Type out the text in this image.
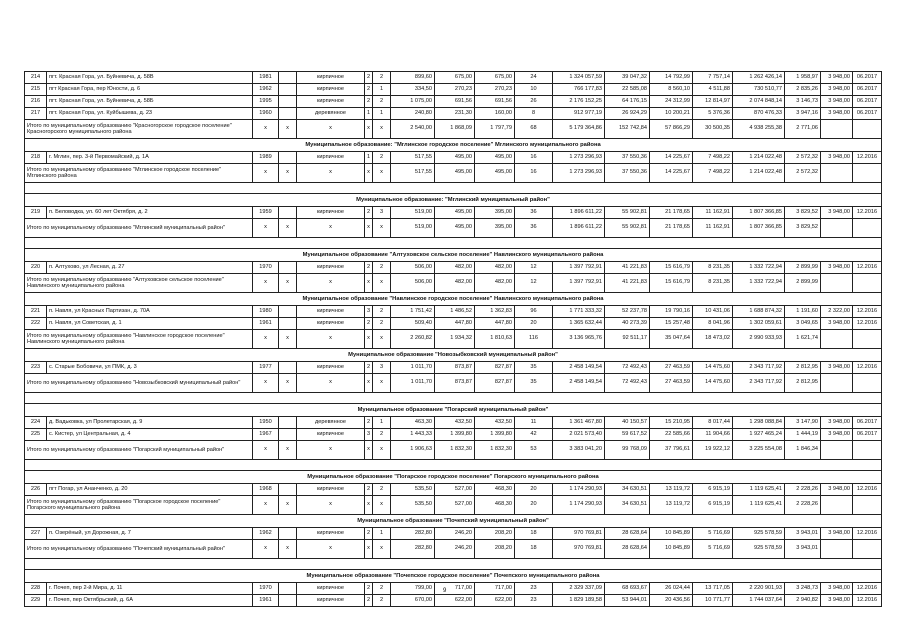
214	пгт. Красная Гора, ул. Буйневича, д. 58В	1981		кирпичное	2	2	899,60	675,00	675,00	24	1 324 057,59	39 047,32	14 792,99	7 757,14	1 262 426,14	1 958,97	3 948,00	06.2017
215	пгт Красная Гора, пер Юности, д. 6	1962		кирпичное	2	1	334,50	270,23	270,23	10	766 177,83	22 585,08	8 560,10	4 511,88	730 510,77	2 835,26	3 948,00	06.2017
216	пгт. Красная Гора, ул. Буйневича, д. 58Б	1995		кирпичное	2	2	1 075,00	691,56	691,56	26	2 176 152,25	64 176,15	24 312,99	12 814,97	2 074 848,14	3 146,73	3 948,00	06.2017
217	пгт. Красная Гора, ул. Куйбышева, д. 23	1960		деревянное	1	1	240,80	231,30	160,00	8	912 977,19	26 924,29	10 200,21	5 376,36	870 476,33	3 947,16	3 948,00	06.2017
Итого по муниципальному образованию "Красногорское городское поселение" Красногорского муниципального района		х	х	х	х	х	2 540,00	1 868,09	1 797,79	68	5 179 364,86	152 742,84	57 866,29	30 500,35	4 938 255,38	2 771,06		
Муниципальное образование: "Мглинское городское поселение" Мглинского муниципального района																		
218	г. Мглин, пер. 3-й Первомайский, д. 1А	1989		кирпичное	1	2	517,55	495,00	495,00	16	1 273 296,93	37 550,36	14 225,67	7 498,22	1 214 022,48	2 572,32	3 948,00	12.2016
Итого по муниципальному образованию "Мглинское городское поселение" Мглинского района		х	х	х	х	х	517,55	495,00	495,00	16	1 273 296,93	37 550,36	14 225,67	7 498,22	1 214 022,48	2 572,32		

Муниципальное образование: "Мглинский муниципальный район"																		
219	п. Беловодка, ул. 60 лет Октября, д. 2	1959		кирпичное	2	3	519,00	495,00	395,00	36	1 896 611,22	55 902,81	21 178,65	11 162,91	1 807 366,85	3 829,52	3 948,00	12.2016
Итого по муниципальному образованию "Мглинский муниципальный район"		х	х	х	х	х	519,00	495,00	395,00	36	1 896 611,22	55 902,81	21 178,65	11 162,91	1 807 366,85	3 829,52		

Муниципальное образование "Алтуховское сельское поселение" Навлинского муниципального района																		
220	п. Алтухово, ул Лесная, д. 27	1970		кирпичное	2	2	506,00	482,00	482,00	12	1 397 792,91	41 221,83	15 616,79	8 231,35	1 332 722,94	2 899,99	3 948,00	12.2016
Итого по муниципальному образованию "Алтуховское сельское поселение" Навлинского муниципального района		х	х	х	х	х	506,00	482,00	482,00	12	1 397 792,91	41 221,83	15 616,79	8 231,35	1 332 722,94	2 899,99		
Муниципальное образование "Навлинское городское поселение" Навлинского муниципального района																		
221	п. Навля, ул Красных Партизан, д. 70А	1980		кирпичное	3	2	1 751,42	1 486,52	1 362,83	96	1 771 333,32	52 237,78	19 790,16	10 431,06	1 688 874,32	1 191,60	2 322,00	12.2016
222	п. Навля, ул Советская, д. 1	1961		кирпичное	2	2	509,40	447,80	447,80	20	1 365 632,44	40 273,39	15 257,48	8 041,96	1 302 059,61	3 049,65	3 948,00	12.2016
Итого по муниципальному образованию "Навлинское городское поселение" Навлинского муниципального района		х	х	х	х	х	2 260,82	1 934,32	1 810,63	116	3 136 965,76	92 511,17	35 047,64	18 473,02	2 990 933,93	1 621,74		
Муниципальное образование "Новозыбковский муниципальный район"																		
223	с. Старые Бобовичи, ул ПМК, д. 3	1977		кирпичное	2	3	1 011,70	873,87	827,87	35	2 458 149,54	72 492,43	27 463,59	14 475,60	2 343 717,92	2 812,95	3 948,00	12.2016
Итого по муниципальному образованию "Новозыбковский муниципальный район"		х	х	х	х	х	1 011,70	873,87	827,87	35	2 458 149,54	72 492,43	27 463,59	14 475,60	2 343 717,92	2 812,95		

Муниципальное образование "Погарский муниципальный район"																		
224	д. Вадьковка, ул Пролетарская, д. 9	1950		деревянное	2	1	463,30	432,50	432,50	11	1 361 467,80	40 150,57	15 210,95	8 017,44	1 298 088,84	3 147,90	3 948,00	06.2017
225	с. Кистер, ул Центральная, д. 4	1967		кирпичное	3	2	1 443,33	1 399,80	1 399,80	42	2 021 573,40	59 617,52	22 585,66	11 904,66	1 927 465,24	1 444,19	3 948,00	06.2017
Итого по муниципальному образованию "Погарский муниципальный район"		х	х	х	х	х	1 906,63	1 832,30	1 832,30	53	3 383 041,20	99 768,09	37 796,61	19 922,12	3 225 554,08	1 846,34		

Муниципальное образование "Погарское городское поселение" Погарского муниципального района																		
226	пгт Погар, ул Ананченко, д. 20	1968		кирпичное	2	2	535,50	527,00	468,30	20	1 174 290,93	34 630,51	13 119,72	6 915,19	1 119 625,41	2 228,26	3 948,00	12.2016
Итого по муниципальному образованию "Погарское городское поселение" Погарского муниципального района		х	х	х	х	х	535,50	527,00	468,30	20	1 174 290,93	34 630,51	13 119,72	6 915,19	1 119 625,41	2 228,26		
Муниципальное образование "Почепский муниципальный район"																		
227	п. Озерёный, ул Дорожная, д. 7	1962		кирпичное	2	1	282,80	246,20	208,20	18	970 769,81	28 628,64	10 845,89	5 716,69	925 578,59	3 943,01	3 948,00	12.2016
Итого по муниципальному образованию "Почепский муниципальный район"		х	х	х	х	х	282,80	246,20	208,20	18	970 769,81	28 628,64	10 845,89	5 716,69	925 578,59	3 943,01		

Муниципальное образование "Почепское городское поселение" Почепского муниципального района																		
228	г. Почеп, пер 2-й Мира, д. 11	1970		кирпичное	2	2	799,00	717,00	717,00	23	2 329 337,09	68 693,67	26 024,44	13 717,05	2 220 901,93	3 248,73	3 948,00	12.2016
229	г. Почеп, пер Октябрьский, д. 6А	1961		кирпичное	2	2	670,00	622,00	622,00	23	1 829 189,58	53 944,01	20 436,56	10 771,77	1 744 037,64	2 940,82	3 948,00	12.2016
9
